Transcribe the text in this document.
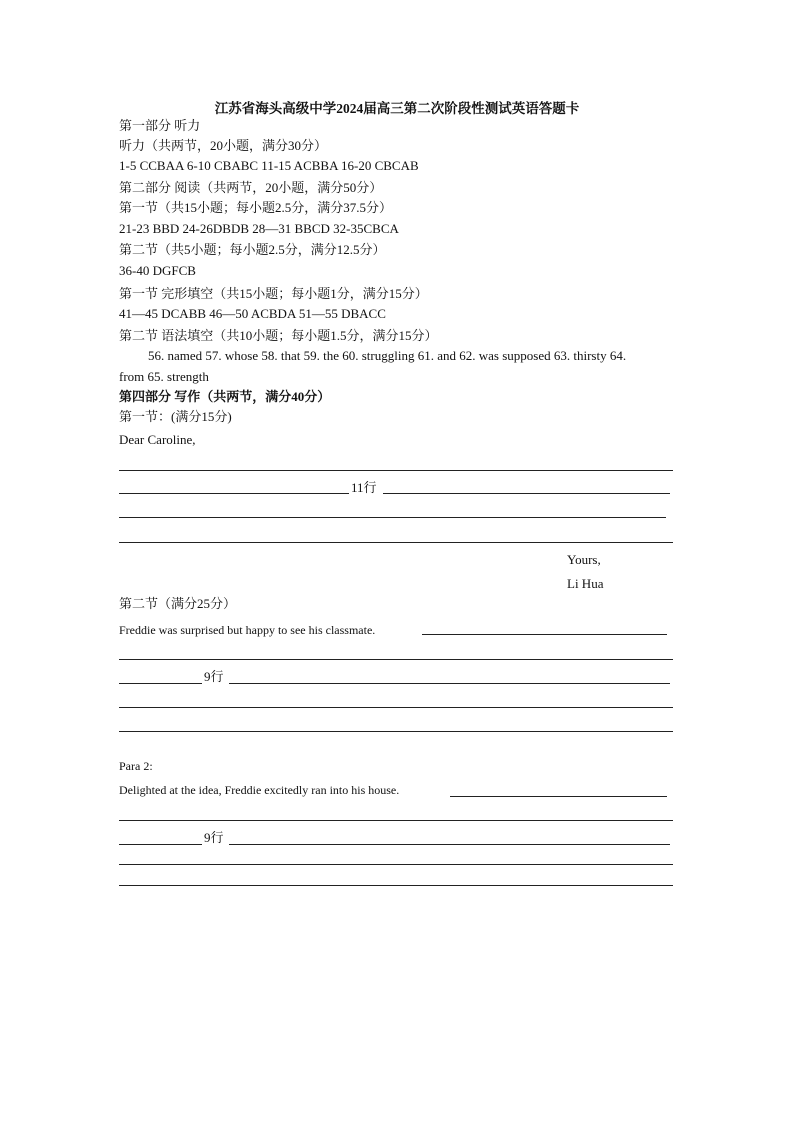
江苏省海头高级中学2024届高三第二次阶段性测试英语答题卡
第一部分 听力
听力（共两节，20小题，满分30分）
1-5 CCBAA 6-10 CBABC 11-15 ACBBA 16-20 CBCAB
第二部分 阅读（共两节，20小题，满分50分）
第一节（共15小题；每小题2.5分，满分37.5分）
21-23 BBD 24-26DBDB 28—31 BBCD 32-35CBCA
第二节（共5小题；每小题2.5分，满分12.5分）
36-40 DGFCB
第一节 完形填空（共15小题；每小题1分，满分15分）
41—45 DCABB 46—50 ACBDA 51—55 DBACC
第二节 语法填空（共10小题；每小题1.5分，满分15分）
56. named 57. whose 58. that 59. the 60. struggling 61. and 62. was supposed 63. thirsty 64.
from 65. strength
第四部分 写作（共两节，满分40分）
第一节：(满分15分)
Dear Caroline,
11行
Yours,
Li Hua
第二节（满分25分）
Freddie was surprised but happy to see his classmate.
9行
Para 2:
Delighted at the idea, Freddie excitedly ran into his house.
9行
